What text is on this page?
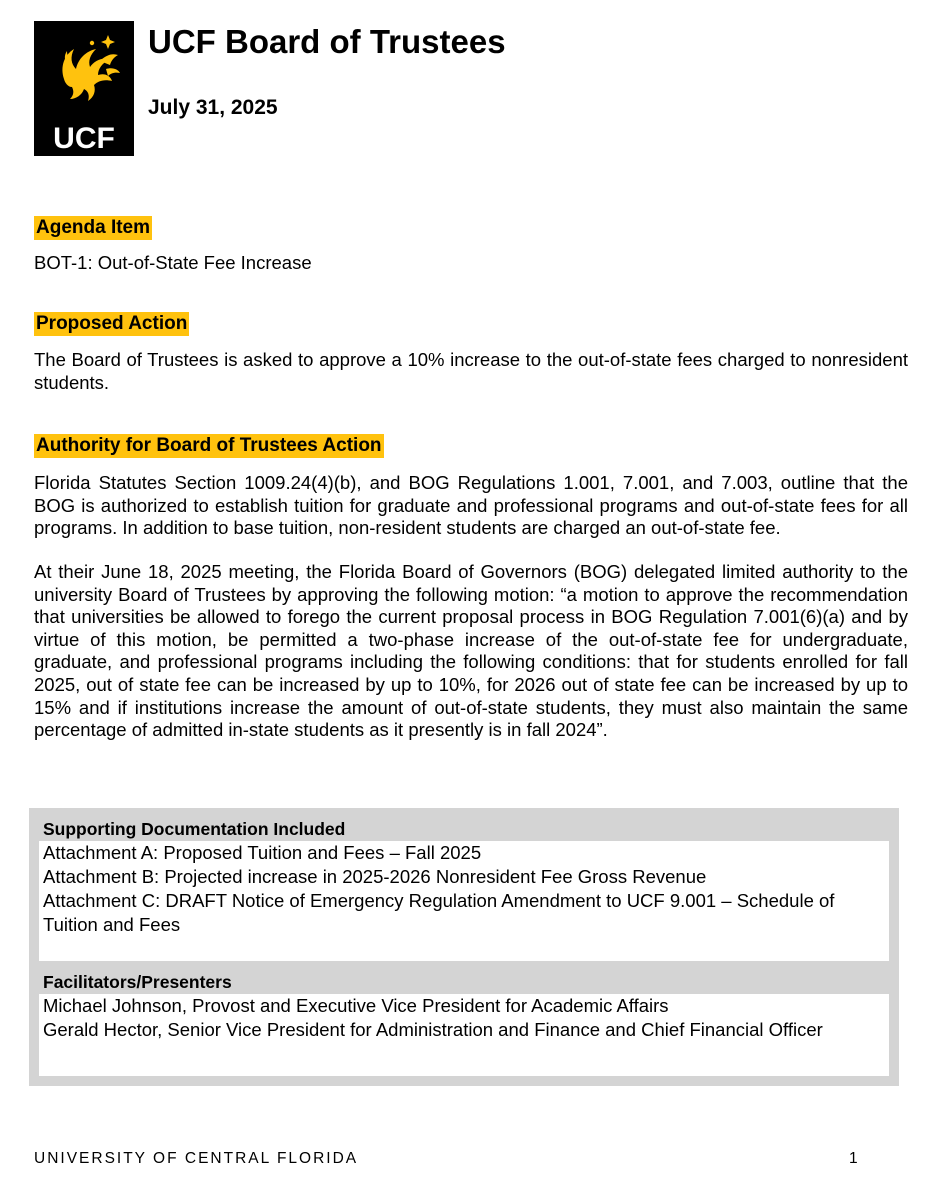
UCF
UCF Board of Trustees
July 31, 2025
Agenda Item

BOT-1: Out-of-State Fee Increase

Proposed Action

The Board of Trustees is asked to approve a 10% increase to the out-of-state fees charged to nonresident students.

Authority for Board of Trustees Action

Florida Statutes Section 1009.24(4)(b), and BOG Regulations 1.001, 7.001, and 7.003, outline that the BOG is authorized to establish tuition for graduate and professional programs and out-of-state fees for all programs. In addition to base tuition, non-resident students are charged an out-of-state fee.

At their June 18, 2025 meeting, the Florida Board of Governors (BOG) delegated limited authority to the university Board of Trustees by approving the following motion: “a motion to approve the recommendation that universities be allowed to forego the current proposal process in BOG Regulation 7.001(6)(a) and by virtue of this motion, be permitted a two-phase increase of the out-of-state fee for undergraduate, graduate, and professional programs including the following conditions: that for students enrolled for fall 2025, out of state fee can be increased by up to 10%, for 2026 out of state fee can be increased by up to 15% and if institutions increase the amount of out-of-state students, they must also maintain the same percentage of admitted in-state students as it presently is in fall 2024”.

Supporting Documentation Included
Attachment A: Proposed Tuition and Fees – Fall 2025
Attachment B: Projected increase in 2025-2026 Nonresident Fee Gross Revenue
Attachment C: DRAFT Notice of Emergency Regulation Amendment to UCF 9.001 – Schedule of Tuition and Fees
Facilitators/Presenters
Michael Johnson, Provost and Executive Vice President for Academic Affairs
Gerald Hector, Senior Vice President for Administration and Finance and Chief Financial Officer
UNIVERSITY OF CENTRAL FLORIDA	1
